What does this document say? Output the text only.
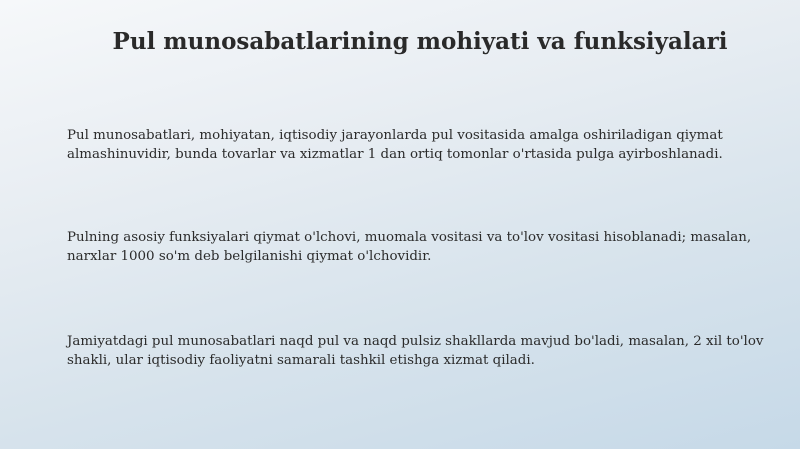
Pul munosabatlarining mohiyati va funksiyalari

Pul munosabatlari, mohiyatan, iqtisodiy jarayonlarda pul vositasida amalga oshiriladigan qiymat almashinuvidir, bunda tovarlar va xizmatlar 1 dan ortiq tomonlar o'rtasida pulga ayirboshlanadi.

Pulning asosiy funksiyalari qiymat o'lchovi, muomala vositasi va to'lov vositasi hisoblanadi; masalan, narxlar 1000 so'm deb belgilanishi qiymat o'lchovidir.

Jamiyatdagi pul munosabatlari naqd pul va naqd pulsiz shakllarda mavjud bo'ladi, masalan, 2 xil to'lov shakli, ular iqtisodiy faoliyatni samarali tashkil etishga xizmat qiladi.
